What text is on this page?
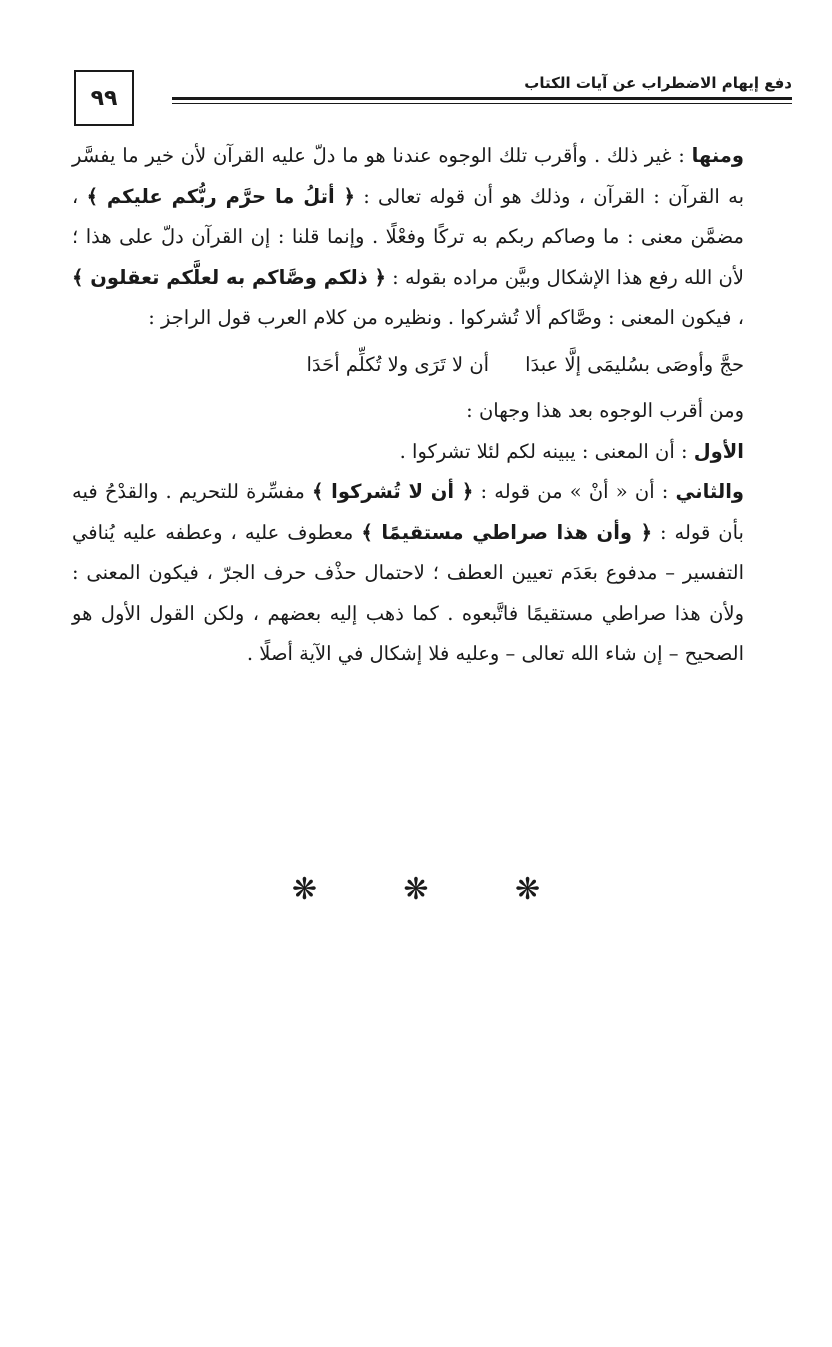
دفع إيهام الاضطراب عن آيات الكتاب
٩٩

ومنها : غير ذلك . وأقرب تلك الوجوه عندنا هو ما دلّ عليه القرآن لأن خير ما يفسَّر به القرآن : القرآن ، وذلك هو أن قوله تعالى : ﴿ أتلُ ما حرَّم ربُّكم عليكم ﴾ ، مضمَّن معنى : ما وصاكم ربكم به تركًا وفعْلًا . وإنما قلنا : إن القرآن دلّ على هذا ؛ لأن الله رفع هذا الإشكال وبيَّن مراده بقوله : ﴿ ذلكم وصَّاكم به لعلَّكم تعقلون ﴾ ، فيكون المعنى : وصَّاكم ألا تُشركوا . ونظيره من كلام العرب قول الراجز :

حجَّ وأوصَى بسُليمَى إلَّا عبدَا
أن لا تَرَى ولا تُكلِّم أحَدَا

ومن أقرب الوجوه بعد هذا وجهان :

الأول : أن المعنى : يبينه لكم لئلا تشركوا .

والثاني : أن « أنْ » من قوله : ﴿ أن لا تُشركوا ﴾ مفسِّرة للتحريم . والقدْحُ فيه بأن قوله : ﴿ وأن هذا صراطي مستقيمًا ﴾ معطوف عليه ، وعطفه عليه يُنافي التفسير – مدفوع بعَدَم تعيين العطف ؛ لاحتمال حذْف حرف الجرّ ، فيكون المعنى : ولأن هذا صراطي مستقيمًا فاتَّبعوه . كما ذهب إليه بعضهم ، ولكن القول الأول هو الصحيح – إن شاء الله تعالى – وعليه فلا إشكال في الآية أصلًا .

❋ ❋ ❋
